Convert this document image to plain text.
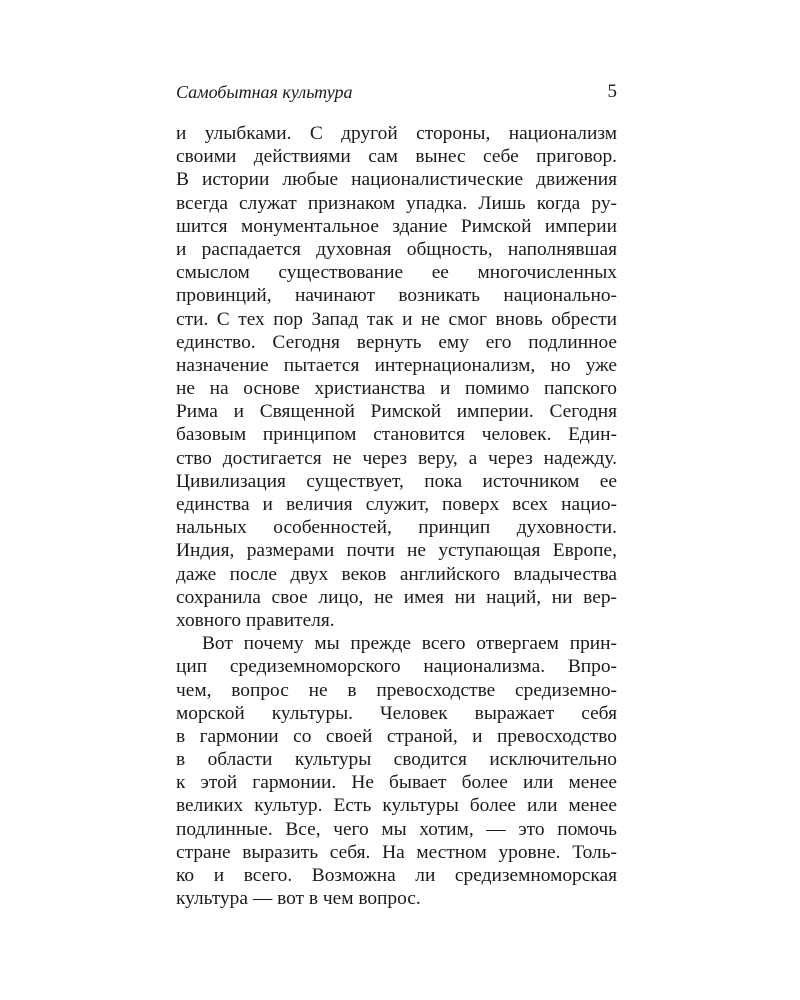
Самобытная культура	5
и улыбками. С другой стороны, национализм
своими действиями сам вынес себе приговор.
В истории любые националистические движения
всегда служат признаком упадка. Лишь когда ру-
шится монументальное здание Римской империи
и распадается духовная общность, наполнявшая
смыслом существование ее многочисленных
провинций, начинают возникать национально-
сти. С тех пор Запад так и не смог вновь обрести
единство. Сегодня вернуть ему его подлинное
назначение пытается интернационализм, но уже
не на основе христианства и помимо папского
Рима и Священной Римской империи. Сегодня
базовым принципом становится человек. Един-
ство достигается не через веру, а через надежду.
Цивилизация существует, пока источником ее
единства и величия служит, поверх всех нацио-
нальных особенностей, принцип духовности.
Индия, размерами почти не уступающая Европе,
даже после двух веков английского владычества
сохранила свое лицо, не имея ни наций, ни вер-
ховного правителя.
Вот почему мы прежде всего отвергаем прин-
цип средиземноморского национализма. Впро-
чем, вопрос не в превосходстве средиземно-
морской культуры. Человек выражает себя
в гармонии со своей страной, и превосходство
в области культуры сводится исключительно
к этой гармонии. Не бывает более или менее
великих культур. Есть культуры более или менее
подлинные. Все, чего мы хотим, — это помочь
стране выразить себя. На местном уровне. Толь-
ко и всего. Возможна ли средиземноморская
культура — вот в чем вопрос.
